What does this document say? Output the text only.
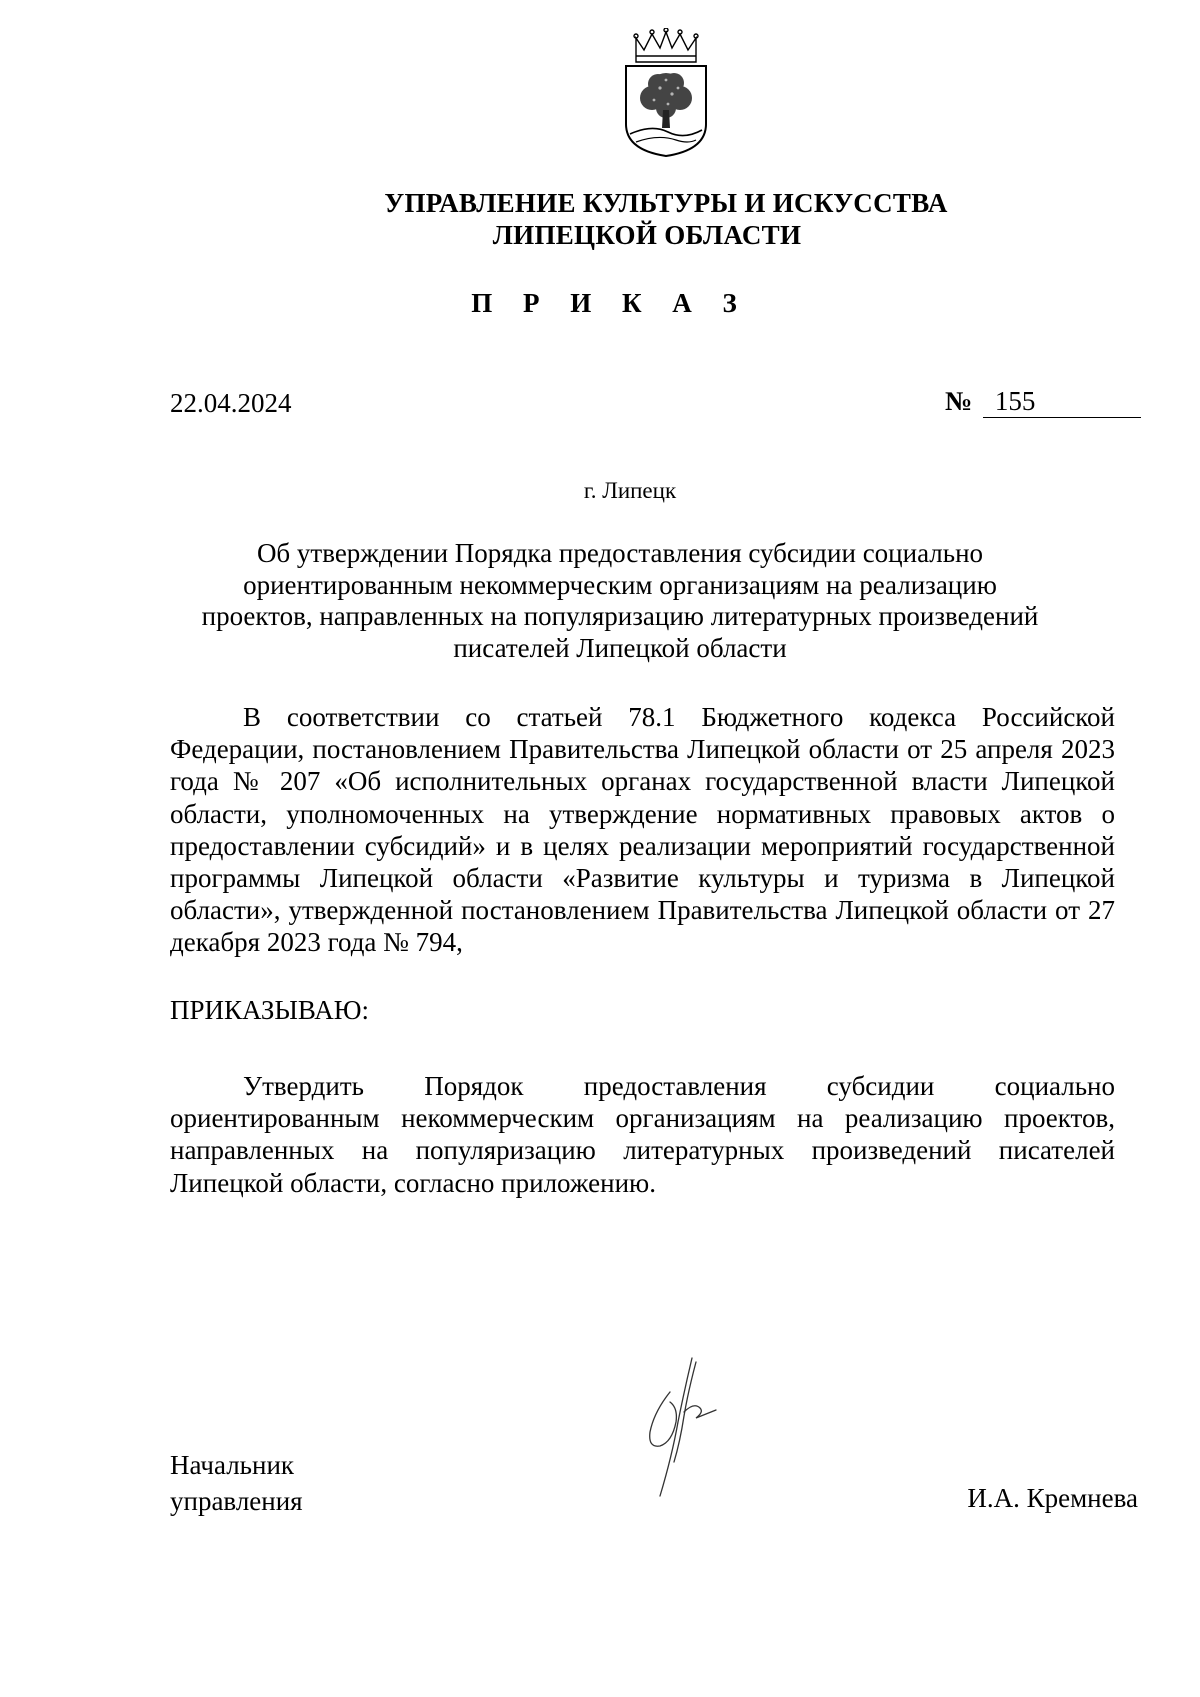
УПРАВЛЕНИЕ КУЛЬТУРЫ И ИСКУССТВА
ЛИПЕЦКОЙ ОБЛАСТИ
П Р И К А З
22.04.2024	№ 155
г. Липецк
Об утверждении Порядка предоставления субсидии социально ориентированным некоммерческим организациям на реализацию проектов, направленных на популяризацию литературных произведений писателей Липецкой области
В соответствии со статьей 78.1 Бюджетного кодекса Российской Федерации, постановлением Правительства Липецкой области от 25 апреля 2023 года № 207 «Об исполнительных органах государственной власти Липецкой области, уполномоченных на утверждение нормативных правовых актов о предоставлении субсидий» и в целях реализации мероприятий государственной программы Липецкой области «Развитие культуры и туризма в Липецкой области», утвержденной постановлением Правительства Липецкой области от 27 декабря 2023 года № 794,
ПРИКАЗЫВАЮ:
Утвердить Порядок предоставления субсидии социально ориентированным некоммерческим организациям на реализацию проектов, направленных на популяризацию литературных произведений писателей Липецкой области, согласно приложению.
Начальник
управления	И.А. Кремнева
